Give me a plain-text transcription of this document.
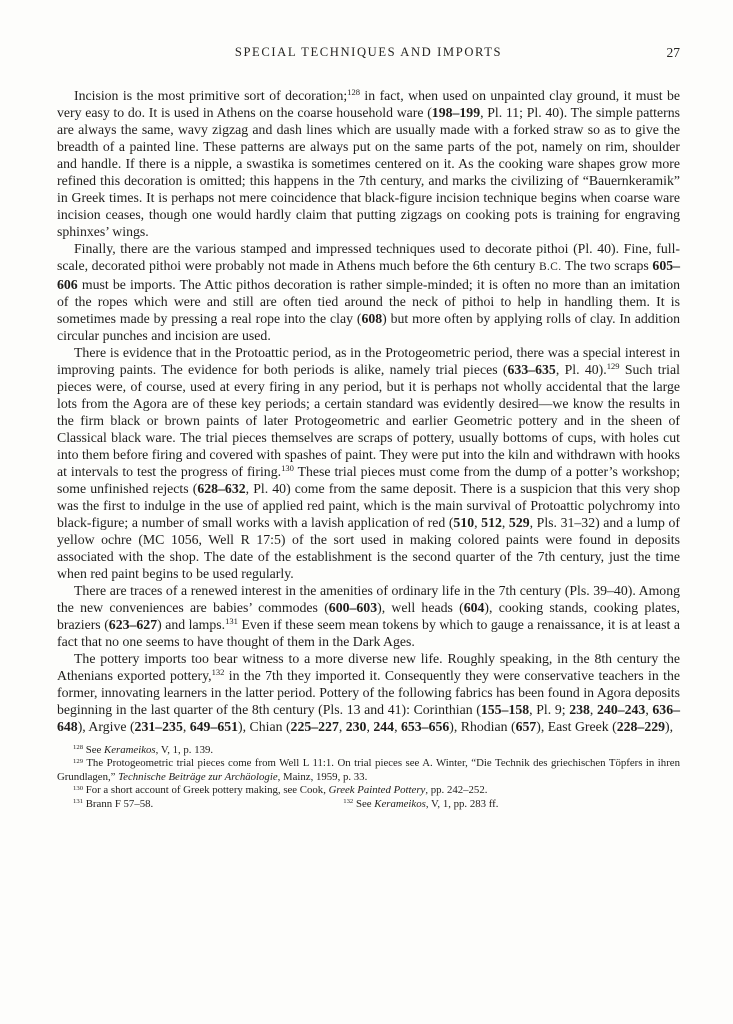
SPECIAL TECHNIQUES AND IMPORTS	27

Incision is the most primitive sort of decoration;$^{128}$ in fact, when used on unpainted clay ground, it must be very easy to do. It is used in Athens on the coarse household ware (198–199, Pl. 11; Pl. 40). The simple patterns are always the same, wavy zigzag and dash lines which are usually made with a forked straw so as to give the breadth of a painted line. These patterns are always put on the same parts of the pot, namely on rim, shoulder and handle. If there is a nipple, a swastika is sometimes centered on it. As the cooking ware shapes grow more refined this decoration is omitted; this happens in the 7th century, and marks the civilizing of “Bauernkeramik” in Greek times. It is perhaps not mere coincidence that black-figure incision technique begins when coarse ware incision ceases, though one would hardly claim that putting zigzags on cooking pots is training for engraving sphinxes’ wings.

Finally, there are the various stamped and impressed techniques used to decorate pithoi (Pl. 40). Fine, full-scale, decorated pithoi were probably not made in Athens much before the 6th century B.C. The two scraps 605–606 must be imports. The Attic pithos decoration is rather simple-minded; it is often no more than an imitation of the ropes which were and still are often tied around the neck of pithoi to help in handling them. It is sometimes made by pressing a real rope into the clay (608) but more often by applying rolls of clay. In addition circular punches and incision are used.

There is evidence that in the Protoattic period, as in the Protogeometric period, there was a special interest in improving paints. The evidence for both periods is alike, namely trial pieces (633–635, Pl. 40).$^{129}$ Such trial pieces were, of course, used at every firing in any period, but it is perhaps not wholly accidental that the large lots from the Agora are of these key periods; a certain standard was evidently desired—we know the results in the firm black or brown paints of later Protogeometric and earlier Geometric pottery and in the sheen of Classical black ware. The trial pieces themselves are scraps of pottery, usually bottoms of cups, with holes cut into them before firing and covered with spashes of paint. They were put into the kiln and withdrawn with hooks at intervals to test the progress of firing.$^{130}$ These trial pieces must come from the dump of a potter’s workshop; some unfinished rejects (628–632, Pl. 40) come from the same deposit. There is a suspicion that this very shop was the first to indulge in the use of applied red paint, which is the main survival of Protoattic polychromy into black-figure; a number of small works with a lavish application of red (510, 512, 529, Pls. 31–32) and a lump of yellow ochre (MC 1056, Well R 17:5) of the sort used in making colored paints were found in deposits associated with the shop. The date of the establishment is the second quarter of the 7th century, just the time when red paint begins to be used regularly.

There are traces of a renewed interest in the amenities of ordinary life in the 7th century (Pls. 39–40). Among the new conveniences are babies’ commodes (600–603), well heads (604), cooking stands, cooking plates, braziers (623–627) and lamps.$^{131}$ Even if these seem mean tokens by which to gauge a renaissance, it is at least a fact that no one seems to have thought of them in the Dark Ages.

The pottery imports too bear witness to a more diverse new life. Roughly speaking, in the 8th century the Athenians exported pottery,$^{132}$ in the 7th they imported it. Consequently they were conservative teachers in the former, innovating learners in the latter period. Pottery of the following fabrics has been found in Agora deposits beginning in the last quarter of the 8th century (Pls. 13 and 41): Corinthian (155–158, Pl. 9; 238, 240–243, 636–648), Argive (231–235, 649–651), Chian (225–227, 230, 244, 653–656), Rhodian (657), East Greek (228–229),

$^{128}$ See Kerameikos, V, 1, p. 139.

$^{129}$ The Protogeometric trial pieces come from Well L 11:1. On trial pieces see A. Winter, “Die Technik des griechischen Töpfers in ihren Grundlagen,” Technische Beiträge zur Archäologie, Mainz, 1959, p. 33.

$^{130}$ For a short account of Greek pottery making, see Cook, Greek Painted Pottery, pp. 242–252.

$^{131}$ Brann F 57–58.	$^{132}$ See Kerameikos, V, 1, pp. 283 ff.
